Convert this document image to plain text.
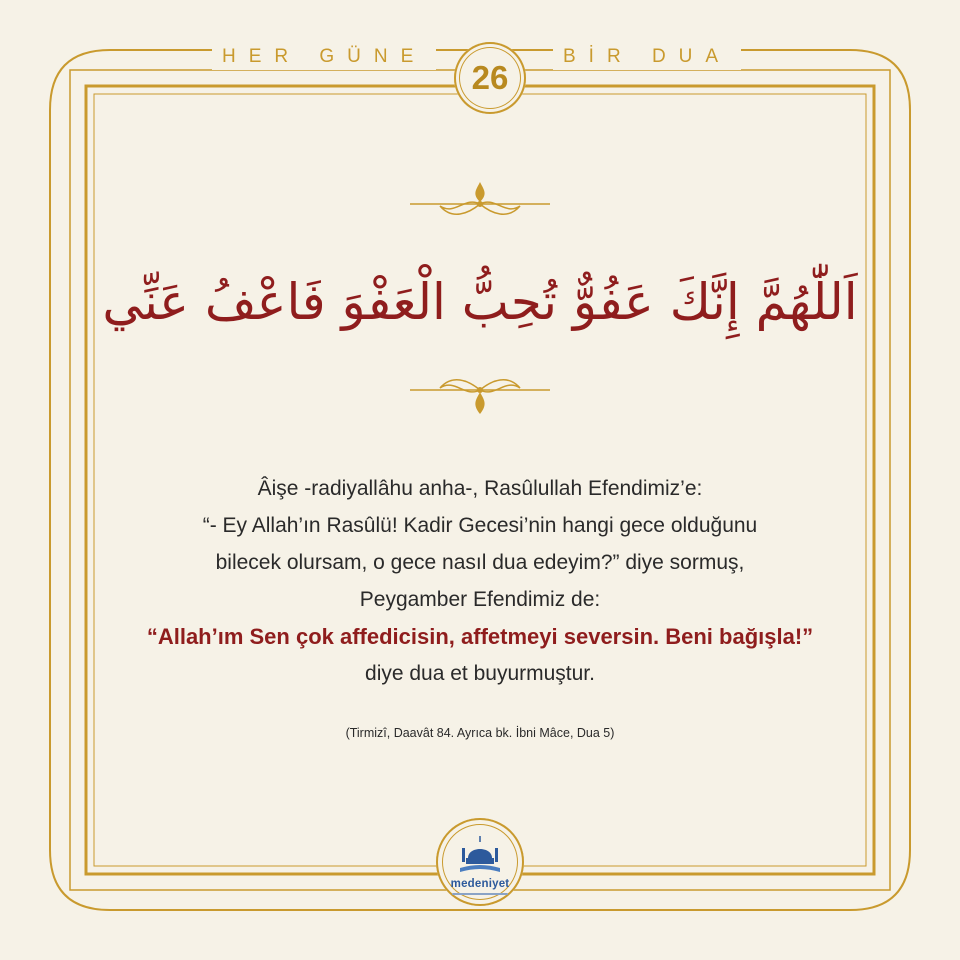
HER GÜNE	BİR DUA
26
اَللّٰهُمَّ إِنَّكَ عَفُوٌّ تُحِبُّ الْعَفْوَ فَاعْفُ عَنِّي
Âişe -radiyallâhu anha-, Rasûlullah Efendimiz’e:
“- Ey Allah’ın Rasûlü! Kadir Gecesi’nin hangi gece olduğunu
bilecek olursam, o gece nasıl dua edeyim?” diye sormuş,
Peygamber Efendimiz de:
“Allah’ım Sen çok affedicisin, affetmeyi seversin. Beni bağışla!”
diye dua et buyurmuştur.
(Tirmizî, Daavât 84. Ayrıca bk. İbni Mâce, Dua 5)
medeniyet
